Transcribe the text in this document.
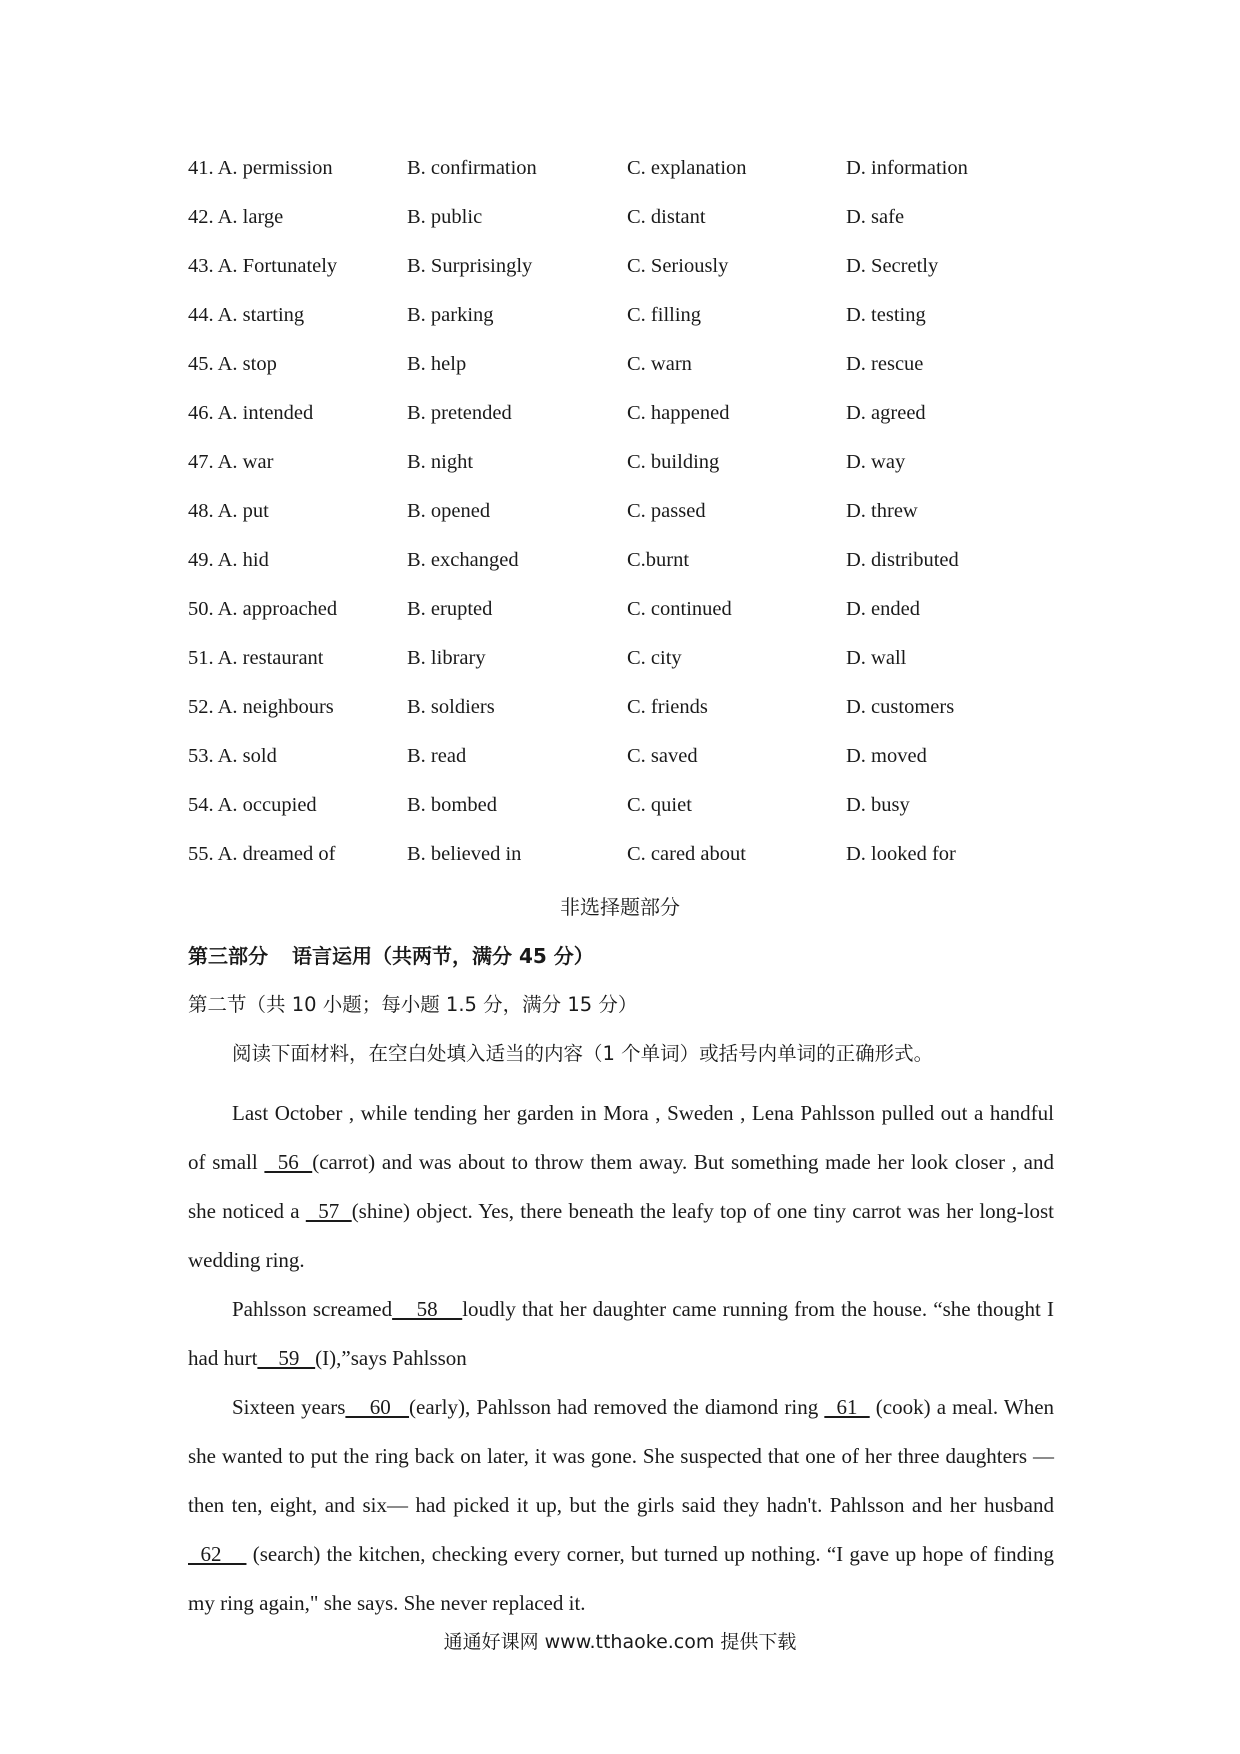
41. A. permission	B. confirmation	C. explanation	D. information
42. A. large	B. public	C. distant	D. safe
43. A. Fortunately	B. Surprisingly	C. Seriously	D. Secretly
44. A. starting	B. parking	C. filling	D. testing
45. A. stop	B. help	C. warn	D. rescue
46. A. intended	B. pretended	C. happened	D. agreed
47. A. war	B. night	C. building	D. way
48. A. put	B. opened	C. passed	D. threw
49. A. hid	B. exchanged	C.burnt	D. distributed
50. A. approached	B. erupted	C. continued	D. ended
51. A. restaurant	B. library	C. city	D. wall
52. A. neighbours	B. soldiers	C. friends	D. customers
53. A. sold	B. read	C. saved	D. moved
54. A. occupied	B. bombed	C. quiet	D. busy
55. A. dreamed of	B. believed in	C. cared about	D. looked for
非选择题部分
第三部分 语言运用（共两节，满分 45 分）
第二节（共 10 小题；每小题 1.5 分，满分 15 分）
阅读下面材料，在空白处填入适当的内容（1 个单词）或括号内单词的正确形式。

Last October , while tending her garden in Mora , Sweden , Lena Pahlsson pulled out a handful of small   56  (carrot) and was about to throw them away. But something made her look closer , and she noticed a   57  (shine) object. Yes, there beneath the leafy top of one tiny carrot was her long-lost wedding ring.

Pahlsson screamed    58    loudly that her daughter came running from the house. “she thought I had hurt    59   (I),”says Pahlsson

Sixteen years    60   (early), Pahlsson had removed the diamond ring   61   (cook) a meal. When she wanted to put the ring back on later, it was gone. She suspected that one of her three daughters —then ten, eight, and six— had picked it up, but the girls said they hadn't. Pahlsson and her husband   62     (search) the kitchen, checking every corner, but turned up nothing. “I gave up hope of finding my ring again," she says. She never replaced it.

通通好课网 www.tthaoke.com 提供下载
